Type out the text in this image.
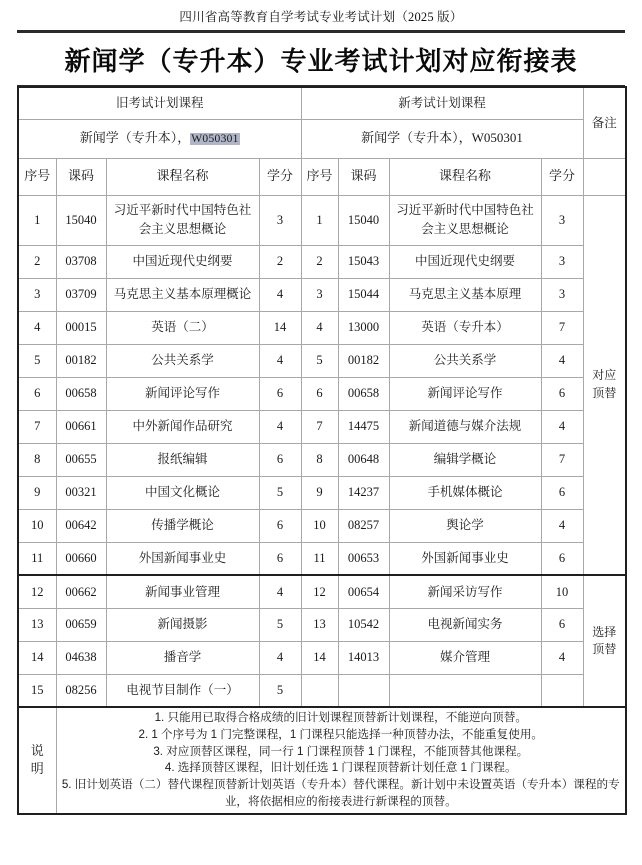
四川省高等教育自学考试专业考试计划（2025 版）
新闻学（专升本）专业考试计划对应衔接表
旧考试计划课程				新考试计划课程				备注
新闻学（专升本），W050301				新闻学（专升本），W050301				
序号	课码	课程名称	学分	序号	课码	课程名称	学分	
1	15040	习近平新时代中国特色社会主义思想概论	3	1	15040	习近平新时代中国特色社会主义思想概论	3	对应顶替
2	03708	中国近现代史纲要	2	2	15043	中国近现代史纲要	3	
3	03709	马克思主义基本原理概论	4	3	15044	马克思主义基本原理	3	
4	00015	英语（二）	14	4	13000	英语（专升本）	7	
5	00182	公共关系学	4	5	00182	公共关系学	4	
6	00658	新闻评论写作	6	6	00658	新闻评论写作	6	
7	00661	中外新闻作品研究	4	7	14475	新闻道德与媒介法规	4	
8	00655	报纸编辑	6	8	00648	编辑学概论	7	
9	00321	中国文化概论	5	9	14237	手机媒体概论	6	
10	00642	传播学概论	6	10	08257	舆论学	4	
11	00660	外国新闻事业史	6	11	00653	外国新闻事业史	6	
12	00662	新闻事业管理	4	12	00654	新闻采访写作	10	选择顶替
13	00659	新闻摄影	5	13	10542	电视新闻实务	6	
14	04638	播音学	4	14	14013	媒介管理	4	
15	08256	电视节目制作（一）	5					

说
明

1. 只能用已取得合格成绩的旧计划课程顶替新计划课程，不能逆向顶替。

2. 1 个序号为 1 门完整课程，1 门课程只能选择一种顶替办法，不能重复使用。

3. 对应顶替区课程，同一行 1 门课程顶替 1 门课程，不能顶替其他课程。

4. 选择顶替区课程，旧计划任选 1 门课程顶替新计划任意 1 门课程。

5. 旧计划英语（二）替代课程顶替新计划英语（专升本）替代课程。新计划中未设置英语（专升本）课程的专业，将依据相应的衔接表进行新课程的顶替。
